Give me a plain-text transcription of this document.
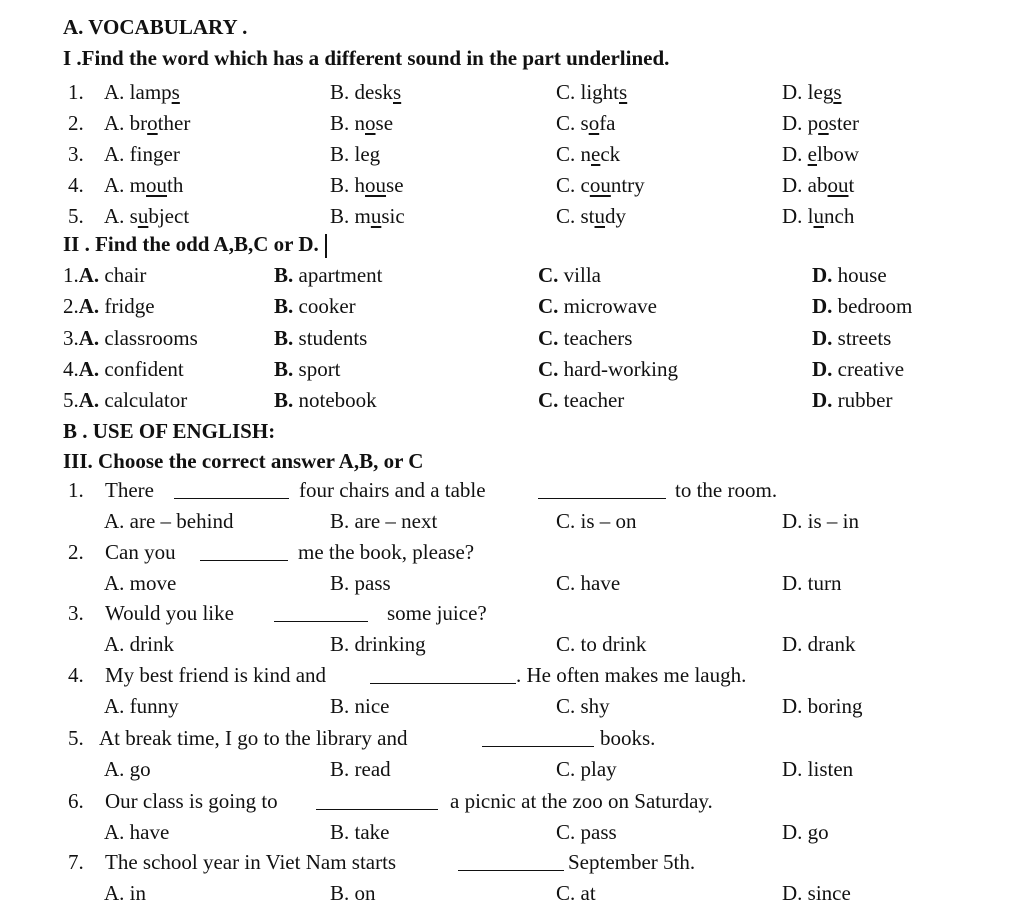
A. VOCABULARY .
I .Find the word which has a different sound in the part underlined.
1. A. lamps	B. desks	C. lights	D. legs
2. A. brother	B. nose	C. sofa	D. poster
3. A. finger	B. leg	C. neck	D. elbow
4. A. mouth	B. house	C. country	D. about
5. A. subject	B. music	C. study	D. lunch
II . Find the odd A,B,C or D.
1.A. chair	B. apartment	C. villa	D. house
2.A. fridge	B. cooker	C. microwave	D. bedroom
3.A. classrooms	B. students	C. teachers	D. streets
4.A. confident	B. sport	C. hard-working	D. creative
5.A. calculator	B. notebook	C. teacher	D. rubber
B . USE OF ENGLISH:
III. Choose the correct answer A,B, or C
1. There	four chairs and a table	to the room.
A. are – behind	B. are – next	C. is – on	D. is – in
2. Can you	me the book, please?
A. move	B. pass	C. have	D. turn
3. Would you like	some juice?
A. drink	B. drinking	C. to drink	D. drank
4. My best friend is kind and	. He often makes me laugh.
A. funny	B. nice	C. shy	D. boring
5. At break time, I go to the library and	books.
A. go	B. read	C. play	D. listen
6. Our class is going to	a picnic at the zoo on Saturday.
A. have	B. take	C. pass	D. go
7. The school year in Viet Nam starts	September 5th.
A. in	B. on	C. at	D. since
